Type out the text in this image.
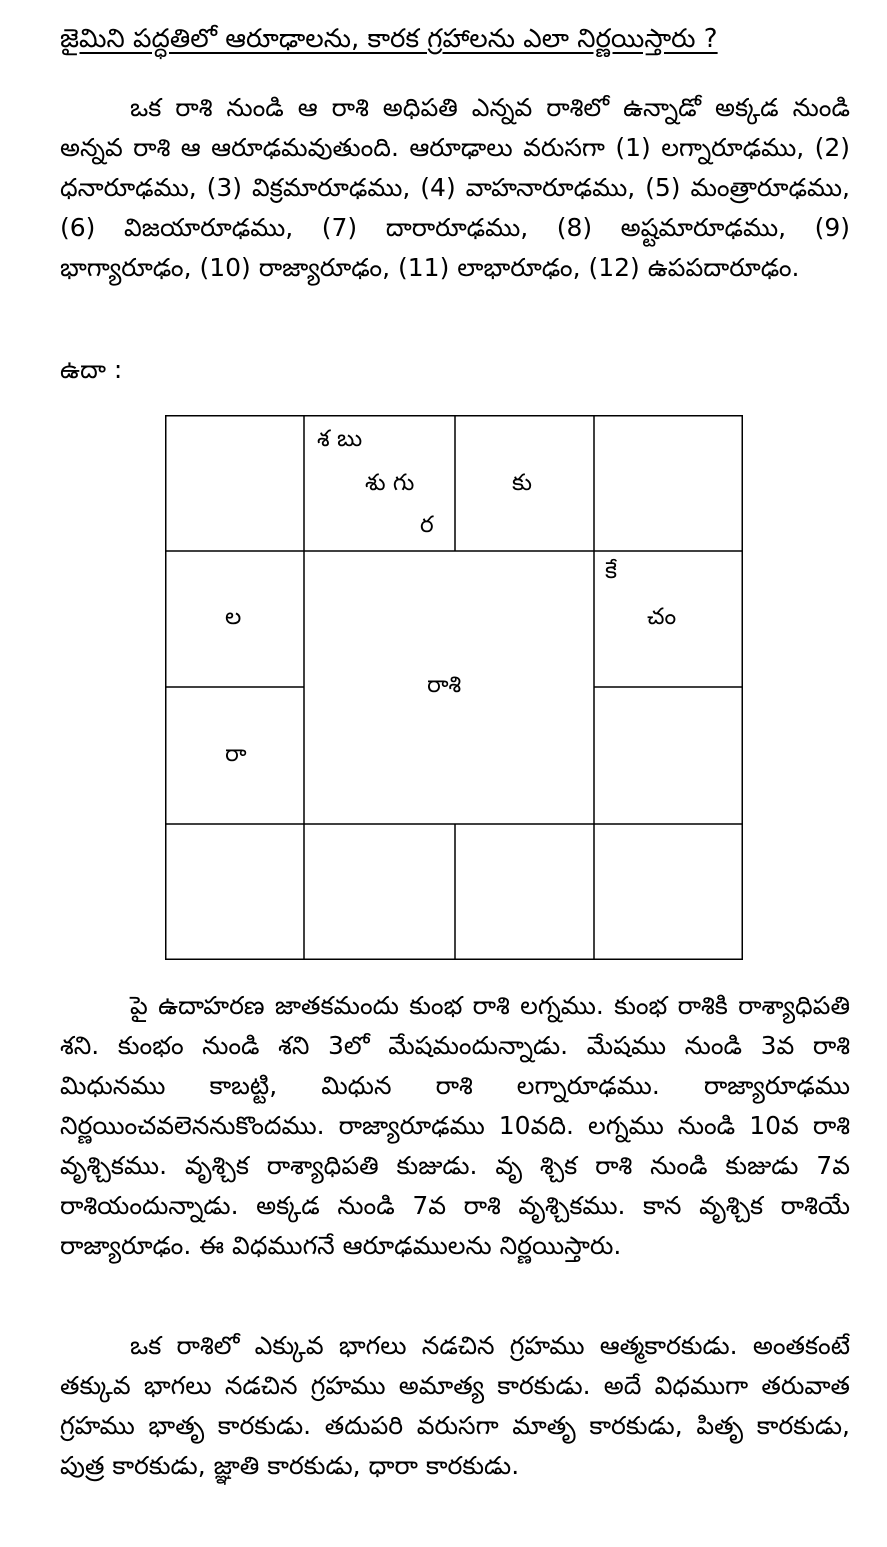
జైమిని పద్ధతిలో ఆరూఢాలను, కారక గ్రహాలను ఎలా నిర్ణయిస్తారు ?

ఒక రాశి నుండి ఆ రాశి అధిపతి ఎన్నవ రాశిలో ఉన్నాడో అక్కడ నుండి అన్నవ రాశి ఆ ఆరూఢమవుతుంది. ఆరూఢాలు వరుసగా (1) లగ్నారూఢము, (2) ధనారూఢము, (3) విక్రమారూఢము, (4) వాహనారూఢము, (5) మంత్రారూఢము, (6) విజయారూఢము, (7) దారారూఢము, (8) అష్టమారూఢము, (9) భాగ్యారూఢం, (10) రాజ్యారూఢం, (11) లాభారూఢం, (12) ఉపపదారూఢం.

ఉదా :
శ బు
శు గు
ర
కు
కే
చం
ల
రా
రాశి

పై ఉదాహరణ జాతకమందు కుంభ రాశి లగ్నము. కుంభ రాశికి రాశ్యాధిపతి శని. కుంభం నుండి శని 3లో మేషమందున్నాడు. మేషము నుండి 3వ రాశి మిధునము కాబట్టి, మిధున రాశి లగ్నారూఢము. రాజ్యారూఢము నిర్ణయించవలెననుకొందము. రాజ్యారూఢము 10వది. లగ్నము నుండి 10వ రాశి వృశ్చికము. వృశ్చిక రాశ్యాధిపతి కుజుడు. వృ శ్చిక రాశి నుండి కుజుడు 7వ రాశియందున్నాడు. అక్కడ నుండి 7వ రాశి వృశ్చికము. కాన వృశ్చిక రాశియే రాజ్యారూఢం. ఈ విధముగనే ఆరూఢములను నిర్ణయిస్తారు.

ఒక రాశిలో ఎక్కువ భాగలు నడచిన గ్రహము ఆత్మకారకుడు. అంతకంటే తక్కువ భాగలు నడచిన గ్రహము అమాత్య కారకుడు. అదే విధముగా తరువాత గ్రహము భాతృ కారకుడు. తదుపరి వరుసగా మాతృ కారకుడు, పితృ కారకుడు, పుత్ర కారకుడు, జ్ఞాతి కారకుడు, ధారా కారకుడు.
